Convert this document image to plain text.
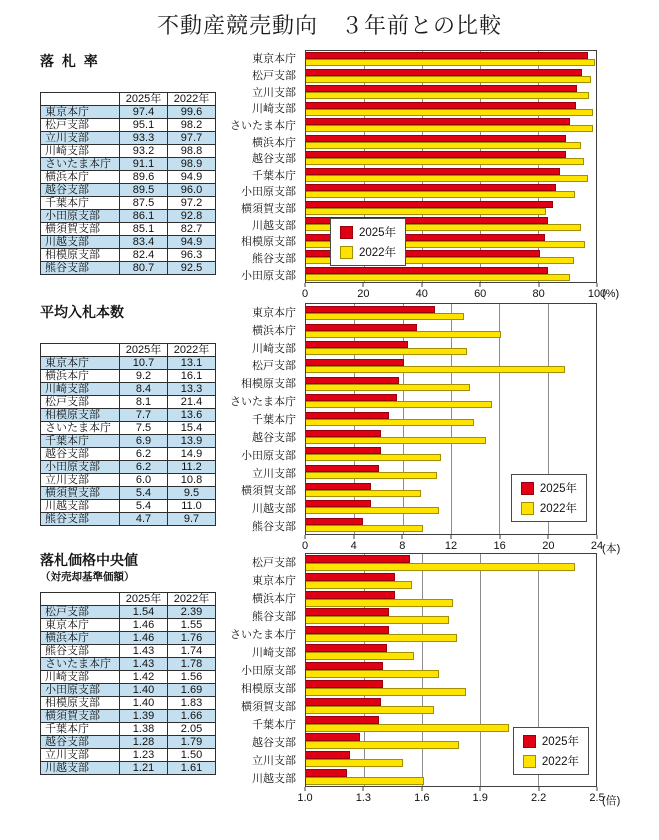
不動産競売動向　３年前との比較
落 札 率
平均入札本数
落札価格中央値
（対売却基準価額）
	2025年	2022年
東京本庁	97.4	99.6
松戸支部	95.1	98.2
立川支部	93.3	97.7
川崎支部	93.2	98.8
さいたま本庁	91.1	98.9
横浜本庁	89.6	94.9
越谷支部	89.5	96.0
千葉本庁	87.5	97.2
小田原支部	86.1	92.8
横須賀支部	85.1	82.7
川越支部	83.4	94.9
相模原支部	82.4	96.3
熊谷支部	80.7	92.5
東京本庁
松戸支部
立川支部
川崎支部
さいたま本庁
横浜本庁
越谷支部
千葉本庁
小田原支部
横須賀支部
川越支部
相模原支部
熊谷支部
小田原支部
2025年
2022年
0	20	40	60	80	100
(%)
	2025年	2022年
東京本庁	10.7	13.1
横浜本庁	9.2	16.1
川崎支部	8.4	13.3
松戸支部	8.1	21.4
相模原支部	7.7	13.6
さいたま本庁	7.5	15.4
千葉本庁	6.9	13.9
越谷支部	6.2	14.9
小田原支部	6.2	11.2
立川支部	6.0	10.8
横須賀支部	5.4	9.5
川越支部	5.4	11.0
熊谷支部	4.7	9.7
東京本庁
横浜本庁
川崎支部
松戸支部
相模原支部
さいたま本庁
千葉本庁
越谷支部
小田原支部
立川支部
横須賀支部
川越支部
熊谷支部
2025年
2022年
0	4	8	12	16	20	24
(本)
	2025年	2022年
松戸支部	1.54	2.39
東京本庁	1.46	1.55
横浜本庁	1.46	1.76
熊谷支部	1.43	1.74
さいたま本庁	1.43	1.78
川崎支部	1.42	1.56
小田原支部	1.40	1.69
相模原支部	1.40	1.83
横須賀支部	1.39	1.66
千葉本庁	1.38	2.05
越谷支部	1.28	1.79
立川支部	1.23	1.50
川越支部	1.21	1.61
松戸支部
東京本庁
横浜本庁
熊谷支部
さいたま本庁
川崎支部
小田原支部
相模原支部
横須賀支部
千葉本庁
越谷支部
立川支部
川越支部
2025年
2022年
1.0	1.3	1.6	1.9	2.2	2.5
(倍)
